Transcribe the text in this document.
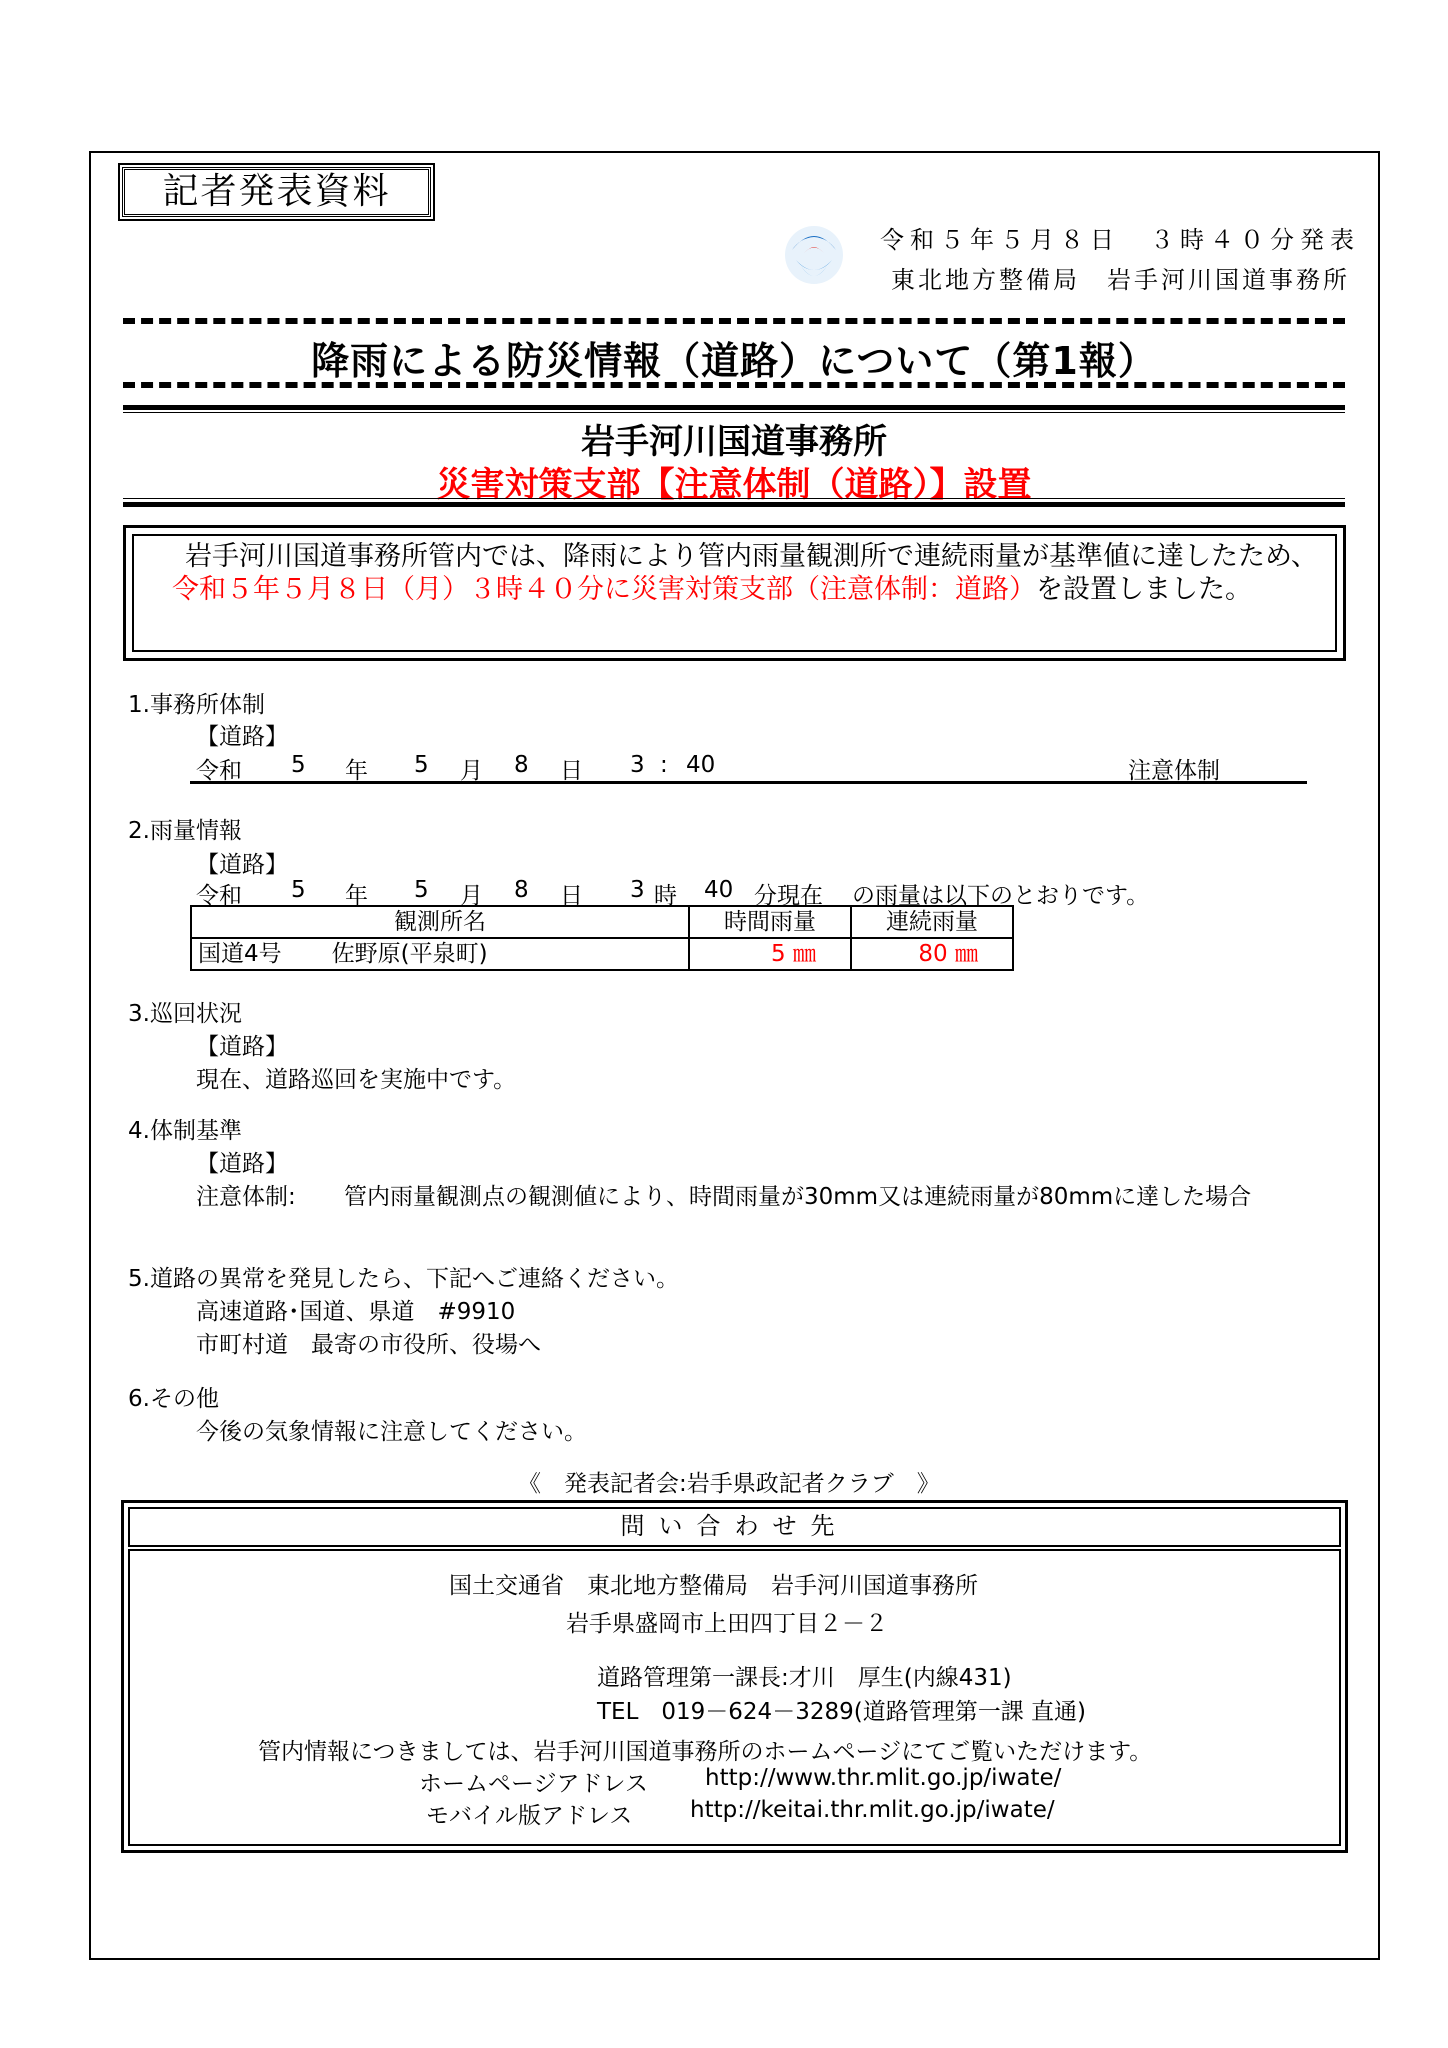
記者発表資料
令和５年５月８日　３時４０分発表
東北地方整備局　岩手河川国道事務所
降雨による防災情報（道路）について（第1報）
岩手河川国道事務所
災害対策支部【注意体制（道路）】設置
岩手河川国道事務所管内では、降雨により管内雨量観測所で連続雨量が基準値に達したため、令和５年５月８日（月）３時４０分に災害対策支部（注意体制：道路）を設置しました。
1.事務所体制
【道路】
令和 5 年 5 月 8 日 3 : 40	注意体制
2.雨量情報
【道路】
令和 5 年 5 月 8 日 3 時 40 分現在 の雨量は以下のとおりです。
観測所名	時間雨量	連続雨量
国道4号 佐野原(平泉町)	5 ㎜	80 ㎜
3.巡回状況
【道路】
現在、道路巡回を実施中です。
4.体制基準
【道路】
注意体制: 管内雨量観測点の観測値により、時間雨量が30mm又は連続雨量が80mmに達した場合
5.道路の異常を発見したら、下記へご連絡ください。
高速道路･国道、県道　#9910
市町村道　最寄の市役所、役場へ
6.その他
今後の気象情報に注意してください。
《　発表記者会:岩手県政記者クラブ　》
問い合わせ先
国土交通省　東北地方整備局　岩手河川国道事務所
岩手県盛岡市上田四丁目２－２
道路管理第一課長:才川　厚生(内線431)
TEL　019－624－3289(道路管理第一課 直通)
管内情報につきましては、岩手河川国道事務所のホームページにてご覧いただけます。
ホームページアドレス http://www.thr.mlit.go.jp/iwate/
モバイル版アドレス	http://keitai.thr.mlit.go.jp/iwate/
